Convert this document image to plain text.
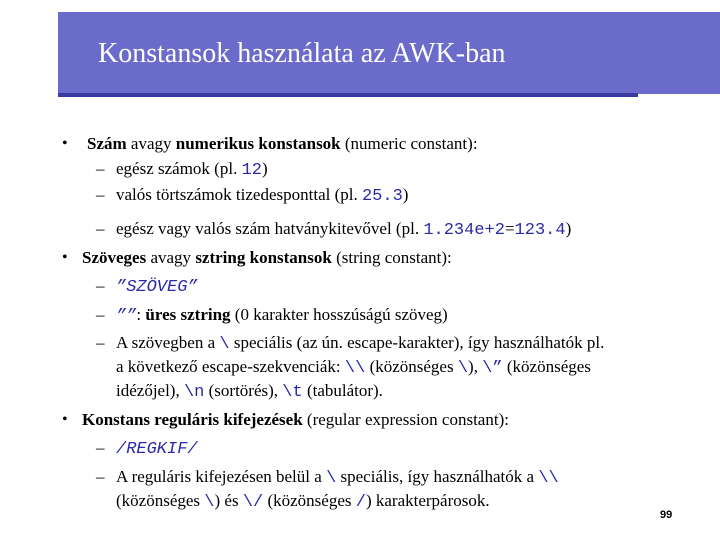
Konstansok használata az AWK-ban
• Szám avagy numerikus konstansok (numeric constant):
– egész számok (pl. 12)
– valós törtszámok tizedesponttal (pl. 25.3)
– egész vagy valós szám hatványkitevővel (pl. 1.234e+2=123.4)
• Szöveges avagy sztring konstansok (string constant):
– ”SZÖVEG”
– ””: üres sztring (0 karakter hosszúságú szöveg)
– A szövegben a \ speciális (az ún. escape-karakter), így használhatók pl.
a következő escape-szekvenciák: \\ (közönséges \), \” (közönséges
idézőjel), \n (sortörés), \t (tabulátor).
• Konstans reguláris kifejezések (regular expression constant):
– /REGKIF/
– A reguláris kifejezésen belül a \ speciális, így használhatók a \\
(közönséges \) és \/ (közönséges /) karakterpárosok.
99
